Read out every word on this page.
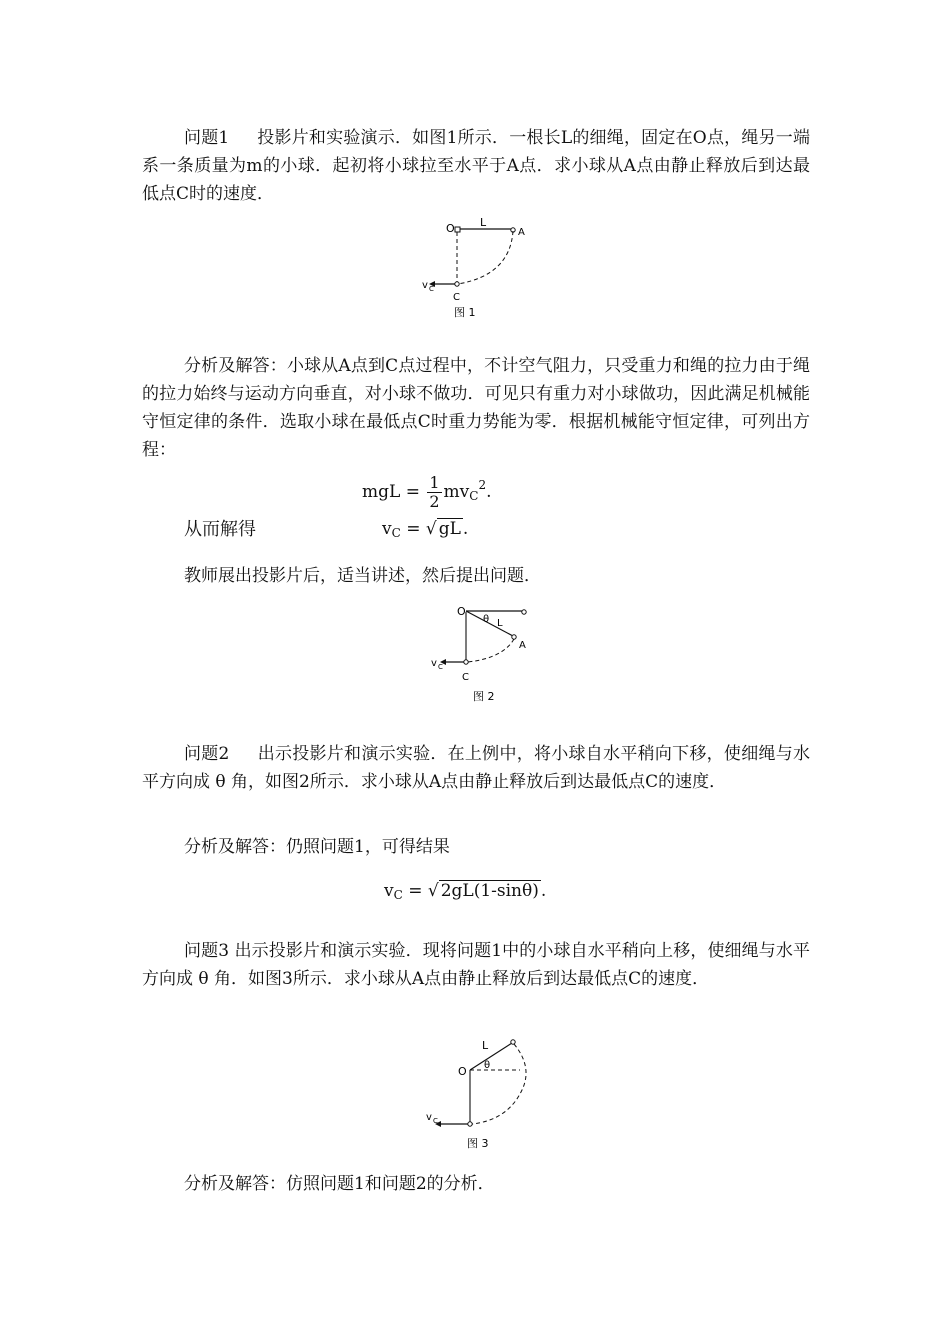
问题1 投影片和实验演示．如图1所示．一根长L的细绳，固定在O点，绳另一端系一条质量为m的小球．起初将小球拉至水平于A点．求小球从A点由静止释放后到达最低点C时的速度．

O L
A
v C
C
图 1

分析及解答：小球从A点到C点过程中，不计空气阻力，只受重力和绳的拉力由于绳的拉力始终与运动方向垂直，对小球不做功．可见只有重力对小球做功，因此满足机械能守恒定律的条件．选取小球在最低点C时重力势能为零．根据机械能守恒定律，可列出方程：

mgL = $\frac{1}{2} mv_C^2$.
从而解得	$v_C$ = √ gL .

教师展出投影片后，适当讲述，然后提出问题．

O
θ L
A
v C
C
图 2

问题2 出示投影片和演示实验．在上例中，将小球自水平稍向下移，使细绳与水平方向成 θ 角，如图2所示．求小球从A点由静止释放后到达最低点C的速度．

分析及解答：仍照问题1，可得结果

$v_C$ = √ 2gL(1-sinθ) .

问题3 出示投影片和演示实验．现将问题1中的小球自水平稍向上移，使细绳与水平方向成 θ 角．如图3所示．求小球从A点由静止释放后到达最低点C的速度．

L
O θ
v C
图 3

分析及解答：仿照问题1和问题2的分析．
